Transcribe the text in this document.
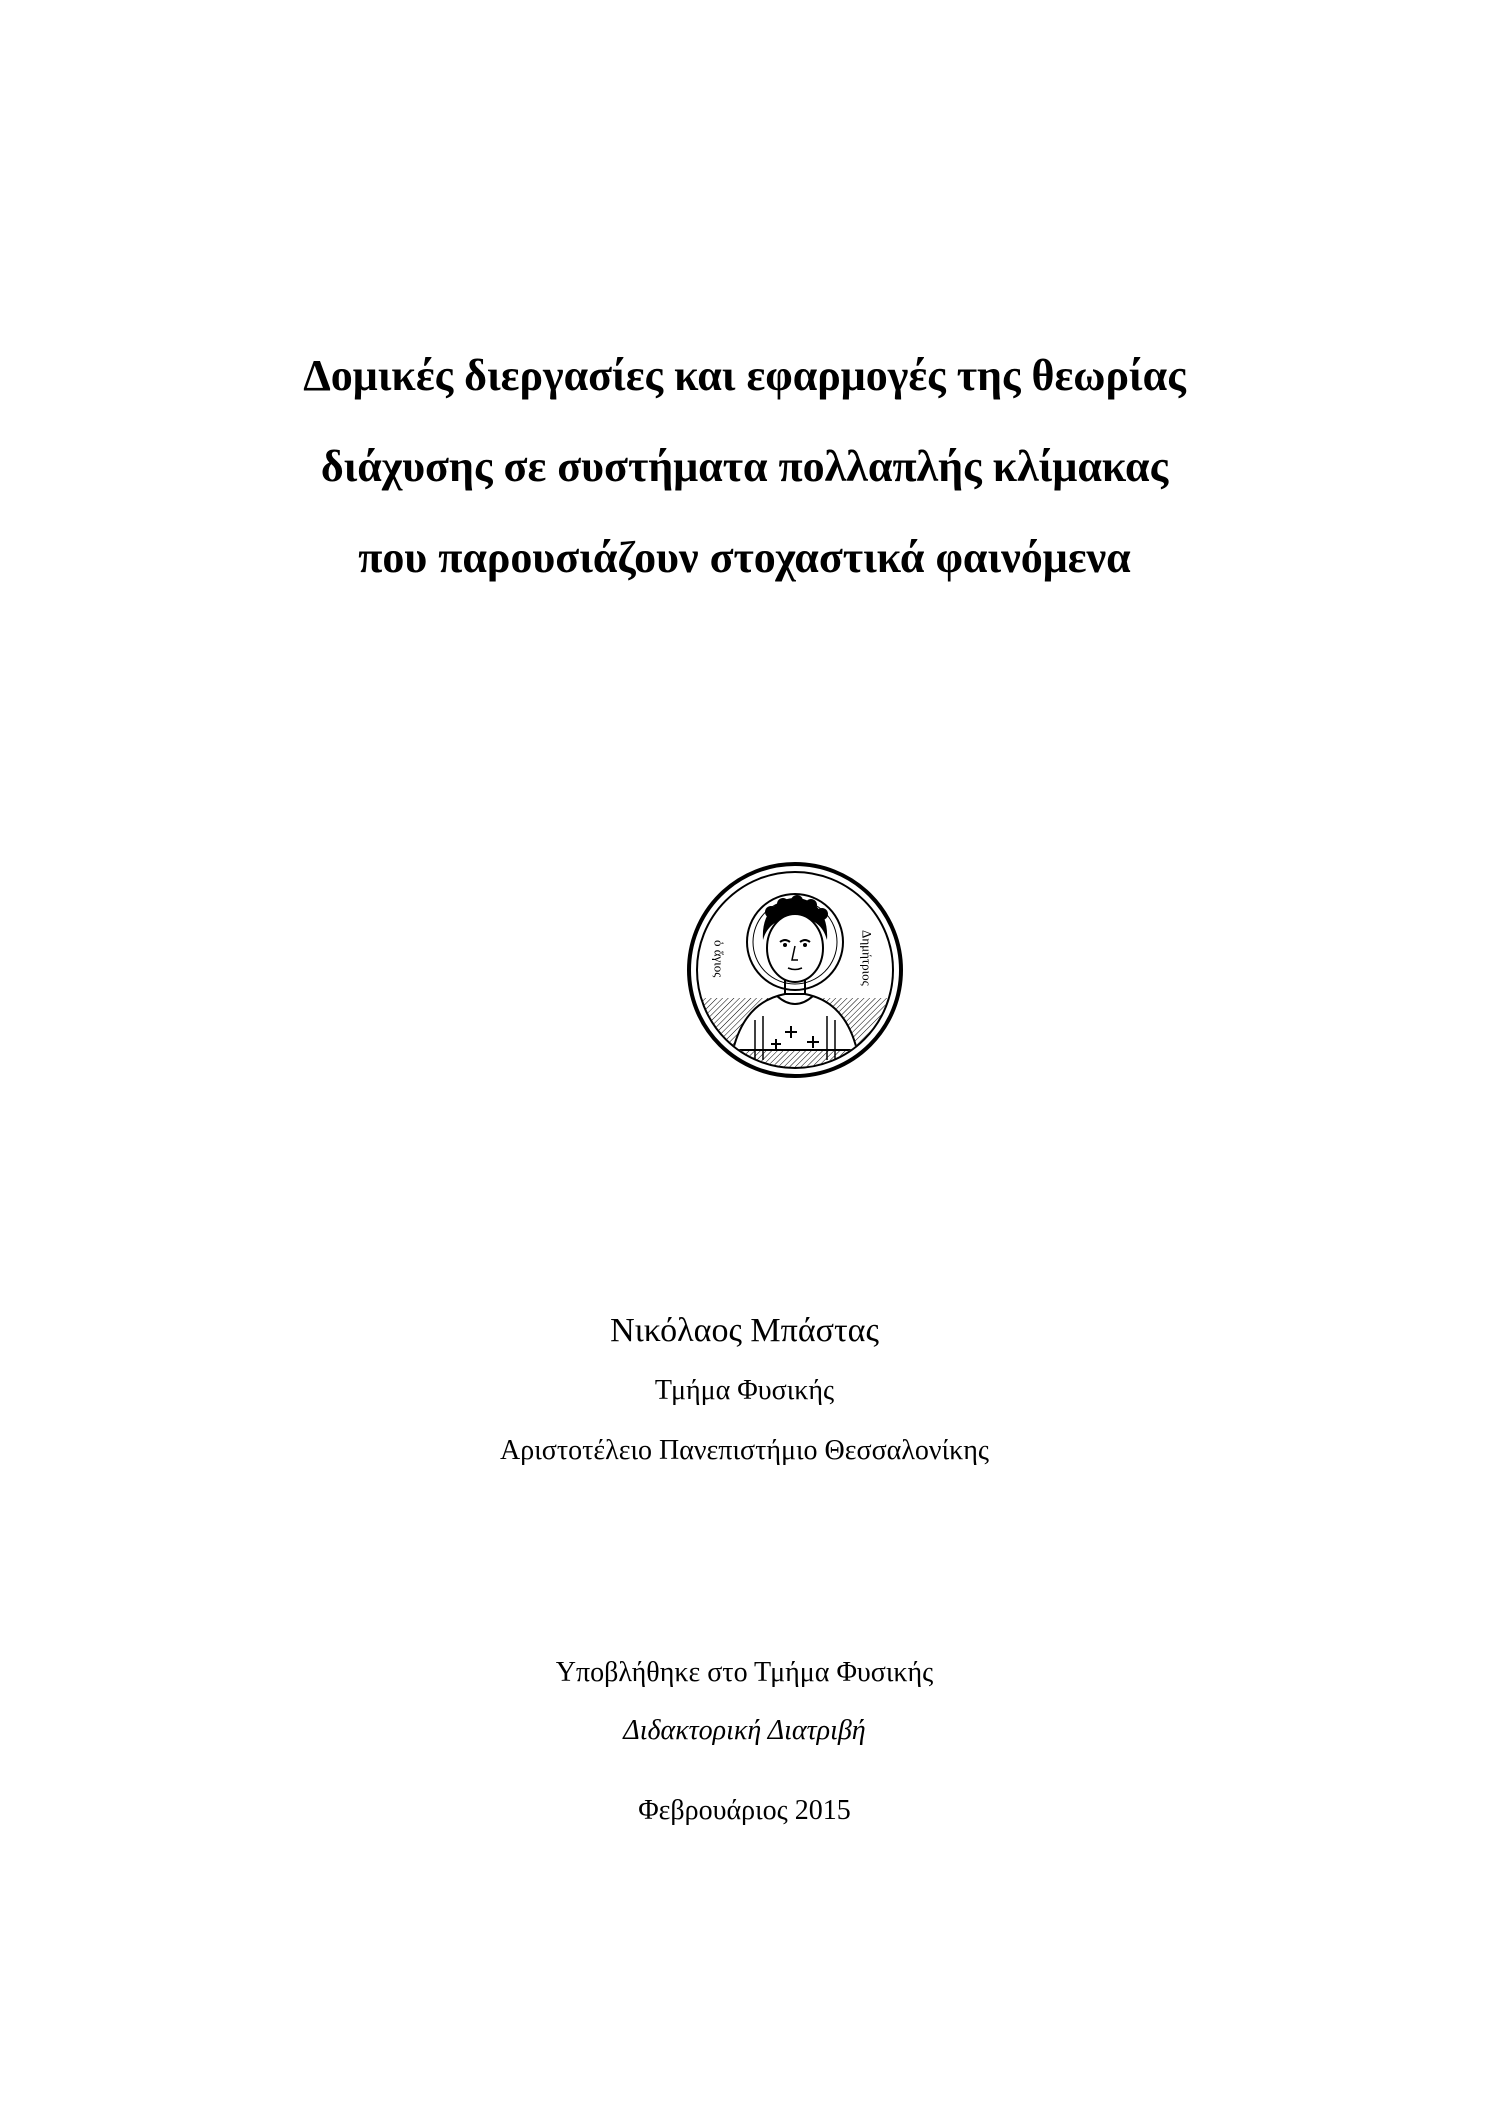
Δομικές διεργασίες και εφαρμογές της θεωρίας
διάχυσης σε συστήματα πολλαπλής κλίμακας
που παρουσιάζουν στοχαστικά φαινόμενα
ὁ ἅγιος	Δημήτριος
Νικόλαος Μπάστας
Τμήμα Φυσικής
Αριστοτέλειο Πανεπιστήμιο Θεσσαλονίκης
Υποβλήθηκε στο Τμήμα Φυσικής
Διδακτορική Διατριβή
Φεβρουάριος 2015
